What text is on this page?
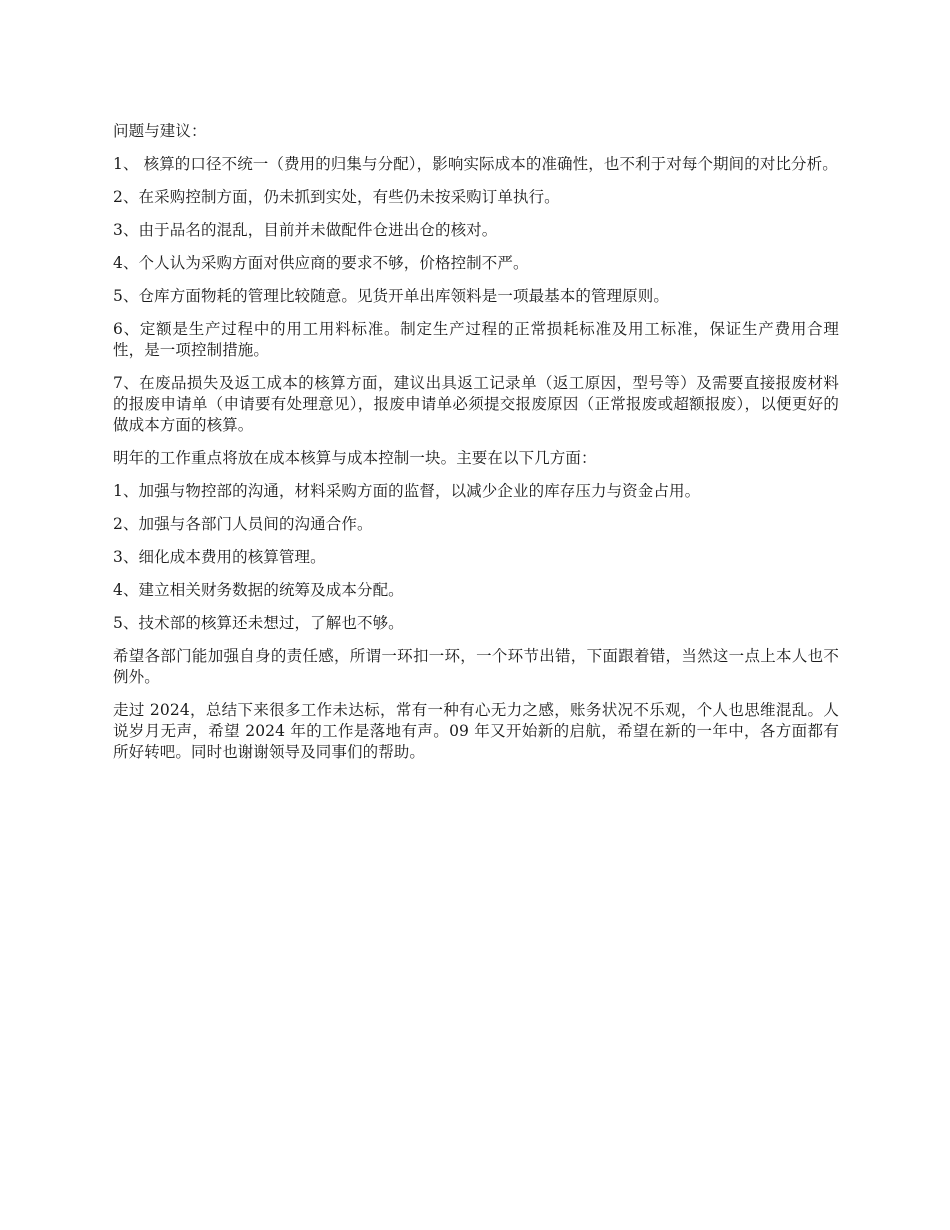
问题与建议：

1、 核算的口径不统一（费用的归集与分配），影响实际成本的准确性，也不利于对每个期间的对比分析。

2、在采购控制方面，仍未抓到实处，有些仍未按采购订单执行。

3、由于品名的混乱，目前并未做配件仓进出仓的核对。

4、个人认为采购方面对供应商的要求不够，价格控制不严。

5、仓库方面物耗的管理比较随意。见货开单出库领料是一项最基本的管理原则。

6、定额是生产过程中的用工用料标准。制定生产过程的正常损耗标准及用工标准，保证生产费用合理性，是一项控制措施。

7、在废品损失及返工成本的核算方面，建议出具返工记录单（返工原因，型号等）及需要直接报废材料的报废申请单（申请要有处理意见），报废申请单必须提交报废原因（正常报废或超额报废），以便更好的做成本方面的核算。

明年的工作重点将放在成本核算与成本控制一块。主要在以下几方面：

1、加强与物控部的沟通，材料采购方面的监督，以减少企业的库存压力与资金占用。

2、加强与各部门人员间的沟通合作。

3、细化成本费用的核算管理。

4、建立相关财务数据的统筹及成本分配。

5、技术部的核算还未想过，了解也不够。

希望各部门能加强自身的责任感，所谓一环扣一环，一个环节出错，下面跟着错，当然这一点上本人也不例外。

走过 2024，总结下来很多工作未达标，常有一种有心无力之感，账务状况不乐观，个人也思维混乱。人说岁月无声，希望 2024 年的工作是落地有声。09 年又开始新的启航，希望在新的一年中，各方面都有所好转吧。同时也谢谢领导及同事们的帮助。
